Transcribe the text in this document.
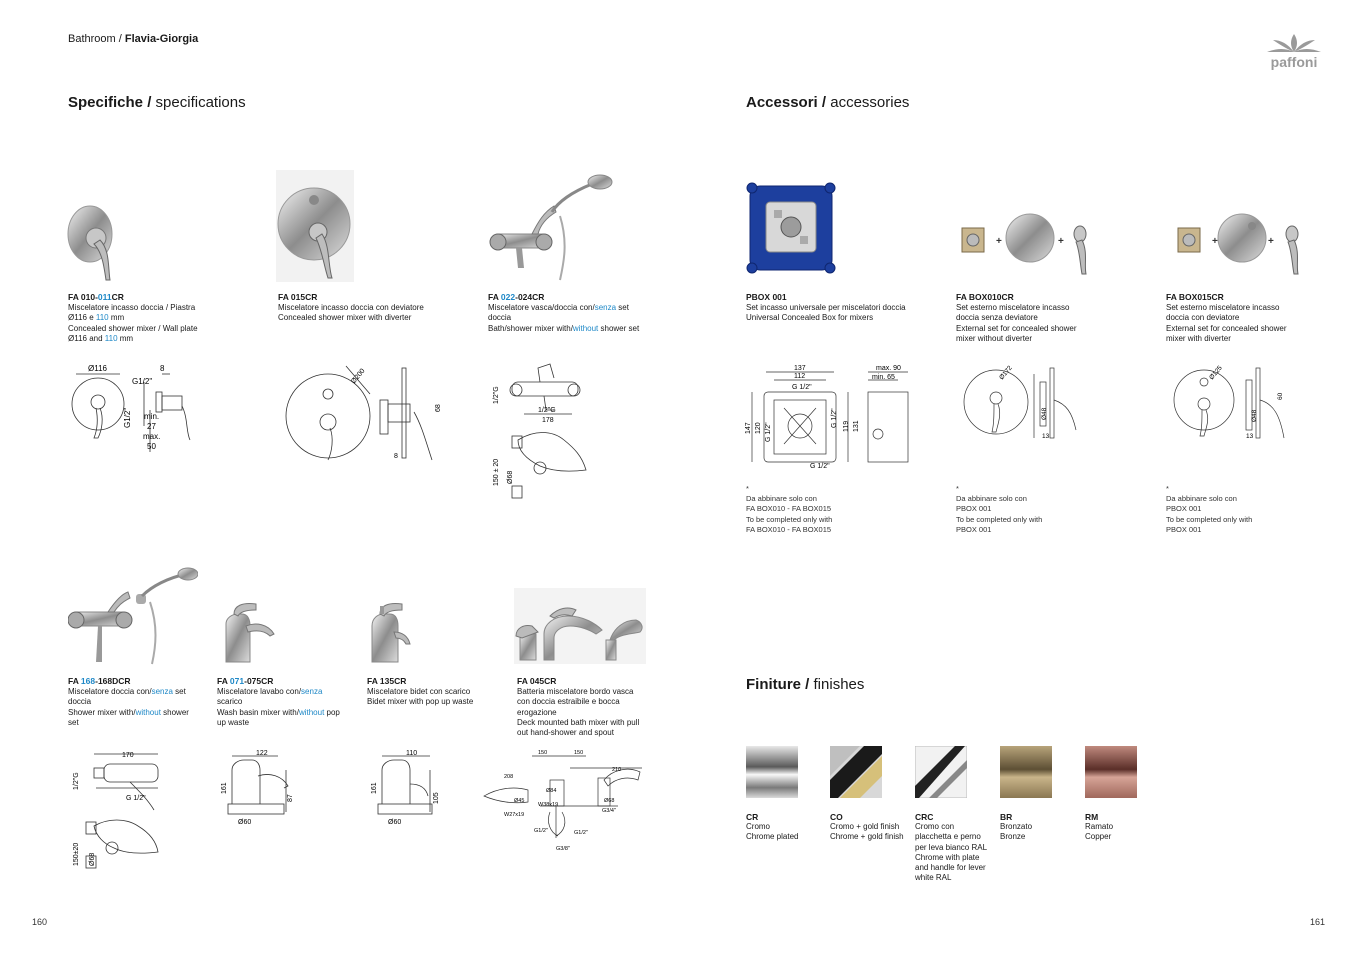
Bathroom / Flavia-Giorgia
paffoni
Specifiche / specifications	Accessori / accessories
Finiture / finishes
FA 010-011CR
Miscelatore incasso doccia / Piastra
Ø116 e 110 mm
Concealed shower mixer / Wall plate
Ø116 and 110 mm
FA 015CR
Miscelatore incasso doccia con deviatore
Concealed shower mixer with diverter
FA 022-024CR
Miscelatore vasca/doccia con/senza set
doccia
Bath/shower mixer with/without shower set
Ø116	8
G1/2"
G1/2" min.
27
max.
50
Ø200
68
8
1/2"G
1/2"G
178
150 ± 20 Ø68
FA 168-168DCR
Miscelatore doccia con/senza set
doccia
Shower mixer with/without shower
set
FA 071-075CR
Miscelatore lavabo con/senza
scarico
Wash basin mixer with/without pop
up waste
FA 135CR
Miscelatore bidet con scarico
Bidet mixer with pop up waste
FA 045CR
Batteria miscelatore bordo vasca
con doccia estraibile e bocca
erogazione
Deck mounted bath mixer with pull
out hand-shower and spout
170
1/2"G
G 1/2"
150±20 Ø68
122
161
87
Ø60
110
161
105
Ø60
150	150
210
208
Ø84
Ø68
Ø45
W38x19
W27x19
G1/2"
G3/8"
G3/4"
G1/2"
+	+	+	+
PBOX 001
Set incasso universale per miscelatori doccia
Universal Concealed Box for mixers
FA BOX010CR
Set esterno miscelatore incasso
doccia senza deviatore
External set for concealed shower
mixer without diverter
FA BOX015CR
Set esterno miscelatore incasso
doccia con deviatore
External set for concealed shower
mixer with diverter
137
112
G 1/2"
max. 90
min. 65
147 120 G 1/2"
G 1/2" 119 131
G 1/2"
Ø172
Ø48
13
Ø125
Ø48
60
13
*
Da abbinare solo con
FA BOX010 - FA BOX015
To be completed only with
FA BOX010 - FA BOX015
*
Da abbinare solo con
PBOX 001
To be completed only with
PBOX 001
*
Da abbinare solo con
PBOX 001
To be completed only with
PBOX 001
CR
Cromo
Chrome plated
CO
Cromo + gold finish
Chrome + gold finish
CRC
Cromo con
placchetta e perno
per leva bianco RAL
Chrome with plate
and handle for lever
white RAL
BR
Bronzato
Bronze
RM
Ramato
Copper
160	161
